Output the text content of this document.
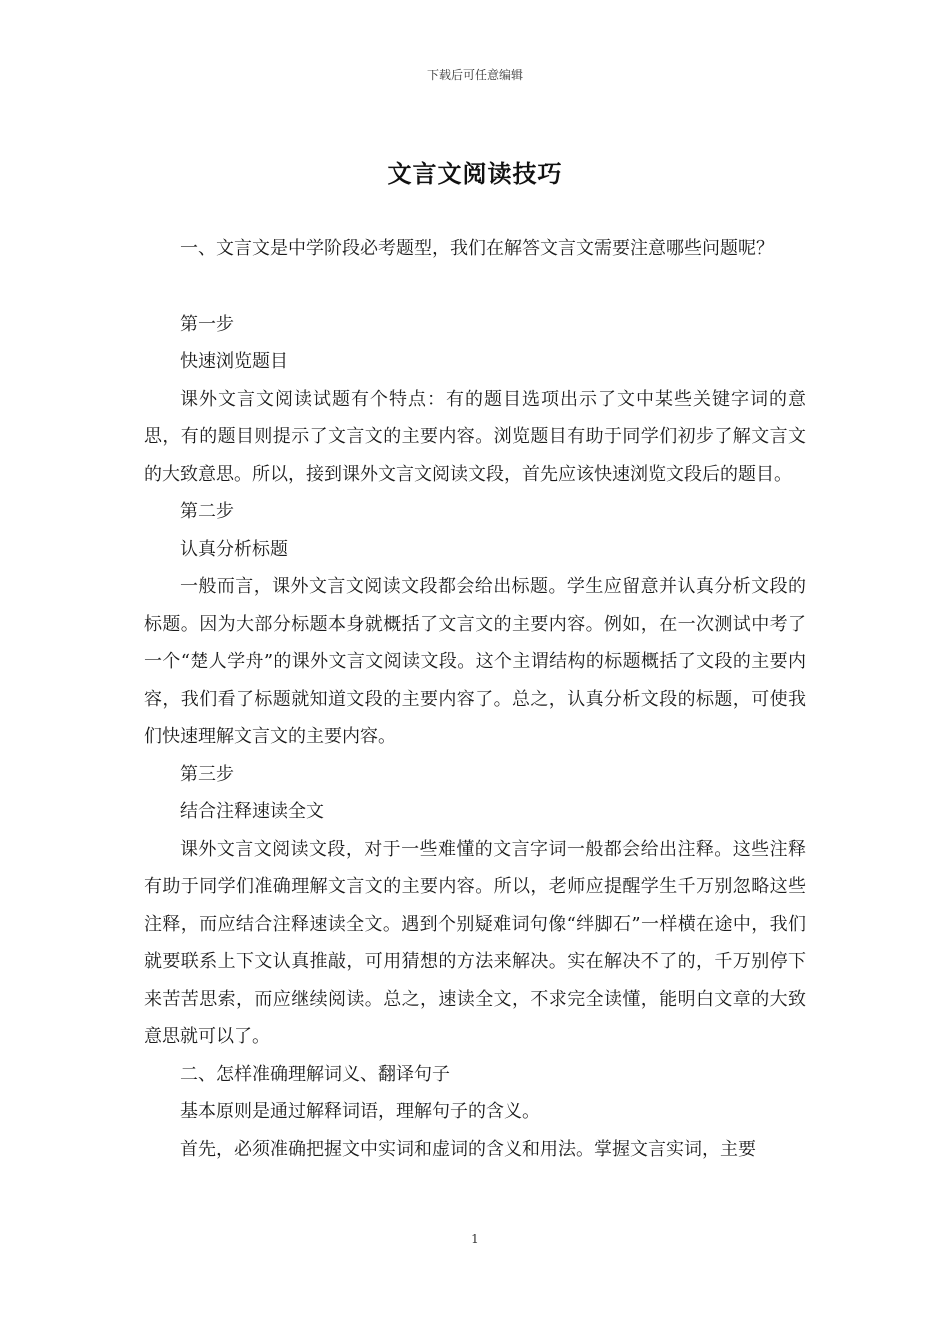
下载后可任意编辑
文言文阅读技巧

一、文言文是中学阶段必考题型，我们在解答文言文需要注意哪些问题呢？

第一步

快速浏览题目

课外文言文阅读试题有个特点：有的题目选项出示了文中某些关键字词的意思，有的题目则提示了文言文的主要内容。浏览题目有助于同学们初步了解文言文的大致意思。所以，接到课外文言文阅读文段，首先应该快速浏览文段后的题目。

第二步

认真分析标题

一般而言，课外文言文阅读文段都会给出标题。学生应留意并认真分析文段的标题。因为大部分标题本身就概括了文言文的主要内容。例如，在一次测试中考了一个“楚人学舟”的课外文言文阅读文段。这个主谓结构的标题概括了文段的主要内容，我们看了标题就知道文段的主要内容了。总之，认真分析文段的标题，可使我们快速理解文言文的主要内容。

第三步

结合注释速读全文

课外文言文阅读文段，对于一些难懂的文言字词一般都会给出注释。这些注释有助于同学们准确理解文言文的主要内容。所以，老师应提醒学生千万别忽略这些注释，而应结合注释速读全文。遇到个别疑难词句像“绊脚石”一样横在途中，我们就要联系上下文认真推敲，可用猜想的方法来解决。实在解决不了的，千万别停下来苦苦思索，而应继续阅读。总之，速读全文，不求完全读懂，能明白文章的大致意思就可以了。

二、怎样准确理解词义、翻译句子

基本原则是通过解释词语，理解句子的含义。

首先，必须准确把握文中实词和虚词的含义和用法。掌握文言实词，主要

1
